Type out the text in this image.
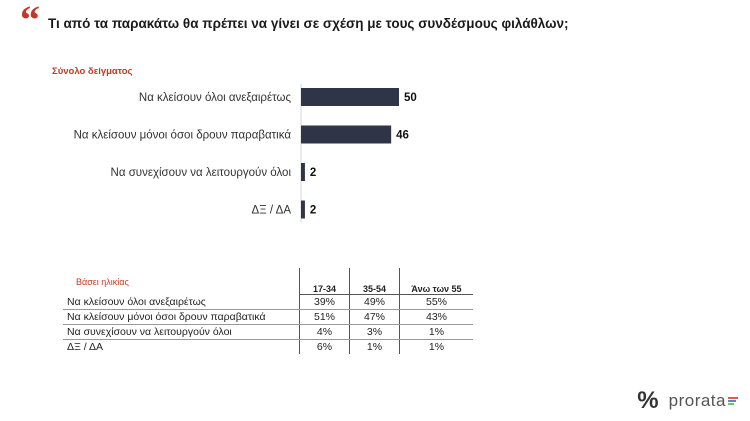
“ Τι από τα παρακάτω θα πρέπει να γίνει σε σχέση με τους συνδέσμους φιλάθλων;
Σύνολο δείγματος
Να κλείσουν όλοι ανεξαιρέτως	50
Να κλείσουν μόνοι όσοι δρουν παραβατικά	46
Να συνεχίσουν να λειτουργούν όλοι 2
ΔΞ / ΔΑ 2
Βάσει ηλικίας
	17-34	35-54	Άνω των 55
Να κλείσουν όλοι ανεξαιρέτως	39%	49%	55%
Να κλείσουν μόνοι όσοι δρουν παραβατικά	51%	47%	43%
Να συνεχίσουν να λειτουργούν όλοι	4%	3%	1%
ΔΞ / ΔΑ	6%	1%	1%
% prorata
